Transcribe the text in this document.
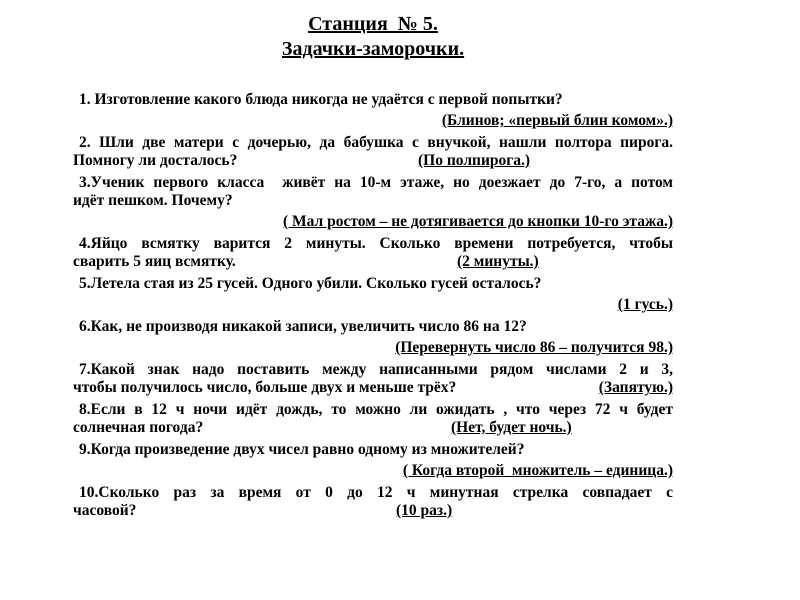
Станция  № 5.
Задачки-заморочки.
1. Изготовление какого блюда никогда не удаётся с первой попытки?
(Блинов; «первый блин комом».)
2. Шли две матери с дочерью, да бабушка с внучкой, нашли полтора пирога.
Помногу ли досталось?	(По полпирога.)
3.Ученик первого класса  живёт на 10-м этаже, но доезжает до 7-го, а потом
идёт пешком. Почему?
( Мал ростом – не дотягивается до кнопки 10-го этажа.)
4.Яйцо всмятку варится 2 минуты. Сколько времени потребуется, чтобы
сварить 5 яиц всмятку.	(2 минуты.)
5.Летела стая из 25 гусей. Одного убили. Сколько гусей осталось?
(1 гусь.)
6.Как, не производя никакой записи, увеличить число 86 на 12?
(Перевернуть число 86 – получится 98.)
7.Какой знак надо поставить между написанными рядом числами 2 и 3,
чтобы получилось число, больше двух и меньше трёх?	(Запятую.)
8.Если в 12 ч ночи идёт дождь, то можно ли ожидать , что через 72 ч будет
солнечная погода?	(Нет, будет ночь.)
9.Когда произведение двух чисел равно одному из множителей?
( Когда второй  множитель – единица.)
10.Сколько раз за время от 0 до 12 ч минутная стрелка совпадает с
часовой?	(10 раз.)
